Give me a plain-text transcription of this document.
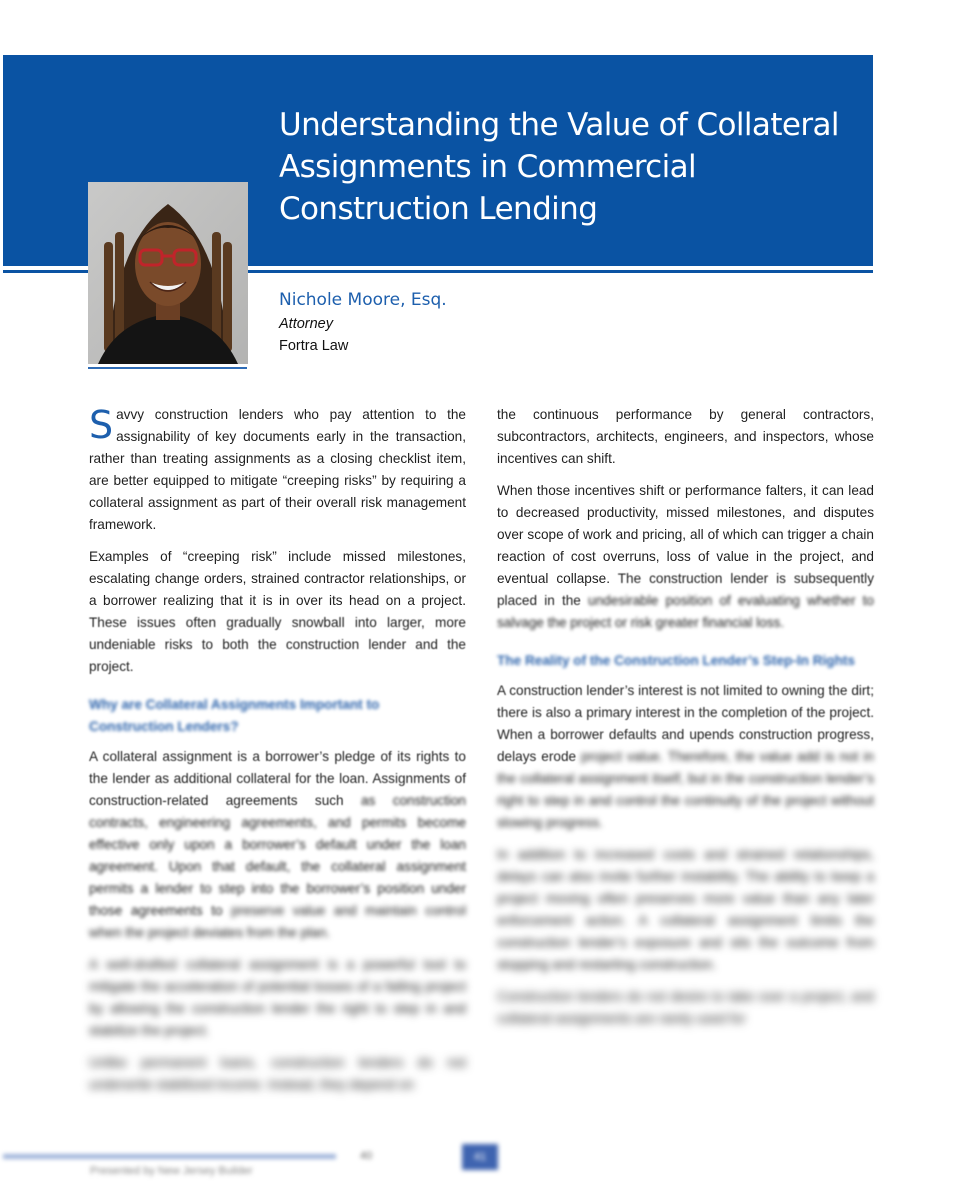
Understanding the Value of Collateral Assignments in Commercial Construction Lending
Nichole Moore, Esq.
Attorney
Fortra Law

Savvy construction lenders who pay attention to the assignability of key documents early in the transaction, rather than treating assignments as a closing checklist item, are better equipped to mitigate “creeping risks” by requiring a collateral assignment as part of their overall risk management framework.

Examples of “creeping risk” include missed milestones, escalating change orders, strained contractor relationships, or a borrower realizing that it is in over its head on a project. These issues often gradually snowball into larger, more undeniable risks to both the construction lender and the project.

Why are Collateral Assignments Important to Construction Lenders?

A collateral assignment is a borrower’s pledge of its rights to the lender as additional collateral for the loan. Assignments of construction-related agreements such as construction contracts, engineering agreements, and permits become effective only upon a borrower’s default under the loan agreement. Upon that default, the collateral assignment permits a lender to step into the borrower’s position under those agreements to preserve value and maintain control when the project deviates from the plan.

A well-drafted collateral assignment is a powerful tool to mitigate the acceleration of potential losses of a failing project by allowing the construction lender the right to step in and stabilize the project.

Unlike permanent loans, construction lenders do not underwrite stabilized income. Instead, they depend on

the continuous performance by general contractors, subcontractors, architects, engineers, and inspectors, whose incentives can shift.

When those incentives shift or performance falters, it can lead to decreased productivity, missed milestones, and disputes over scope of work and pricing, all of which can trigger a chain reaction of cost overruns, loss of value in the project, and eventual collapse. The construction lender is subsequently placed in the undesirable position of evaluating whether to salvage the project or risk greater financial loss.

The Reality of the Construction Lender’s Step-In Rights

A construction lender’s interest is not limited to owning the dirt; there is also a primary interest in the completion of the project. When a borrower defaults and upends construction progress, delays erode project value. Therefore, the value add is not in the collateral assignment itself, but in the construction lender’s right to step in and control the continuity of the project without slowing progress.

In addition to increased costs and strained relationships, delays can also invite further instability. The ability to keep a project moving often preserves more value than any later enforcement action. A collateral assignment limits the construction lender’s exposure and sits the outcome from stopping and restarting construction.

Construction lenders do not desire to take over a project, and collateral assignments are rarely used for

40	41
Presented by New Jersey Builder
